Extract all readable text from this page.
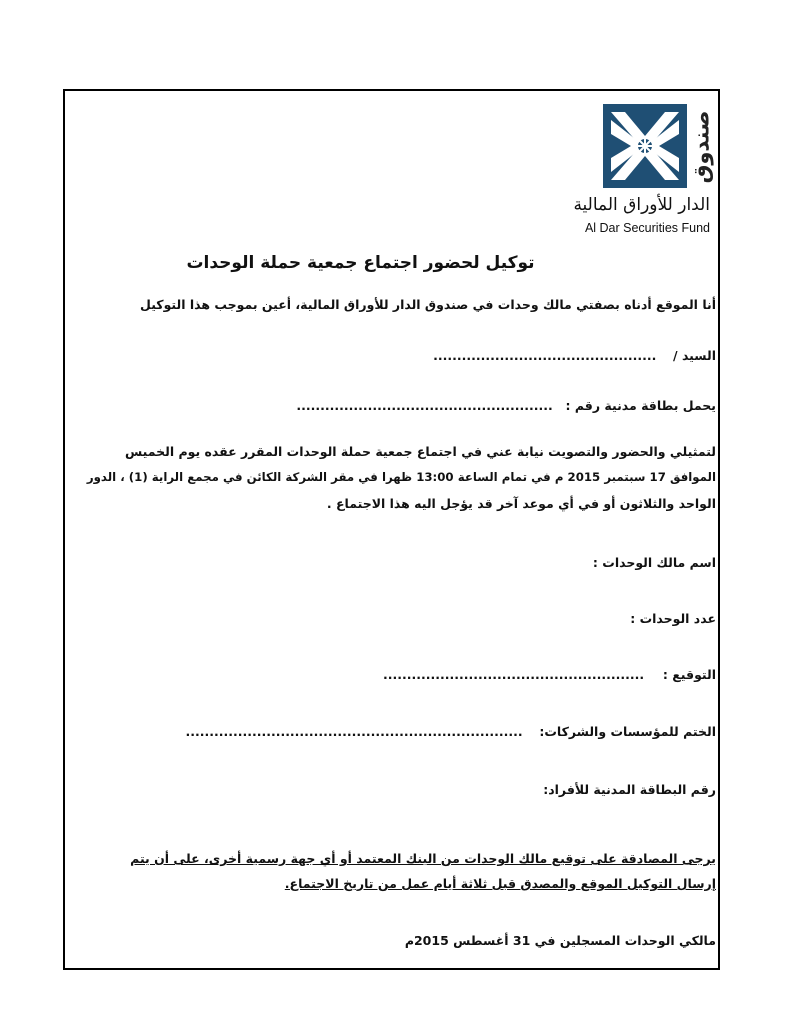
صندوق
الدار للأوراق المالية
Al Dar Securities Fund
توكيل لحضور اجتماع جمعية حملة الوحدات
أنا الموقع أدناه بصفتي مالك وحدات في صندوق الدار للأوراق المالية، أعين بموجب هذا التوكيل
السيد /  ...............................................
يحمل بطاقة مدنية رقم :  ......................................................
لتمثيلي والحضور والتصويت نيابة عني في اجتماع جمعية حملة الوحدات المقرر عقده يوم الخميس
الموافق 17 سبتمبر 2015 م في تمام الساعة 13:00 ظهرا في مقر الشركة الكائن في مجمع الراية (1) ، الدور
الواحد والثلاثون أو في أي موعد آخر قد يؤجل اليه هذا الاجتماع .
اسم مالك الوحدات :
عدد الوحدات :
التوقيع :  .......................................................
الختم للمؤسسات والشركات:  .......................................................................
رقم البطاقة المدنية للأفراد:
يرجى المصادقة على توقيع مالك الوحدات من البنك المعتمد أو أي جهة رسمية أخرى، على أن يتم
إرسال التوكيل الموقع والمصدق قبل ثلاثة أيام عمل من تاريخ الاجتماع.
مالكي الوحدات المسجلين في 31 أغسطس 2015م
